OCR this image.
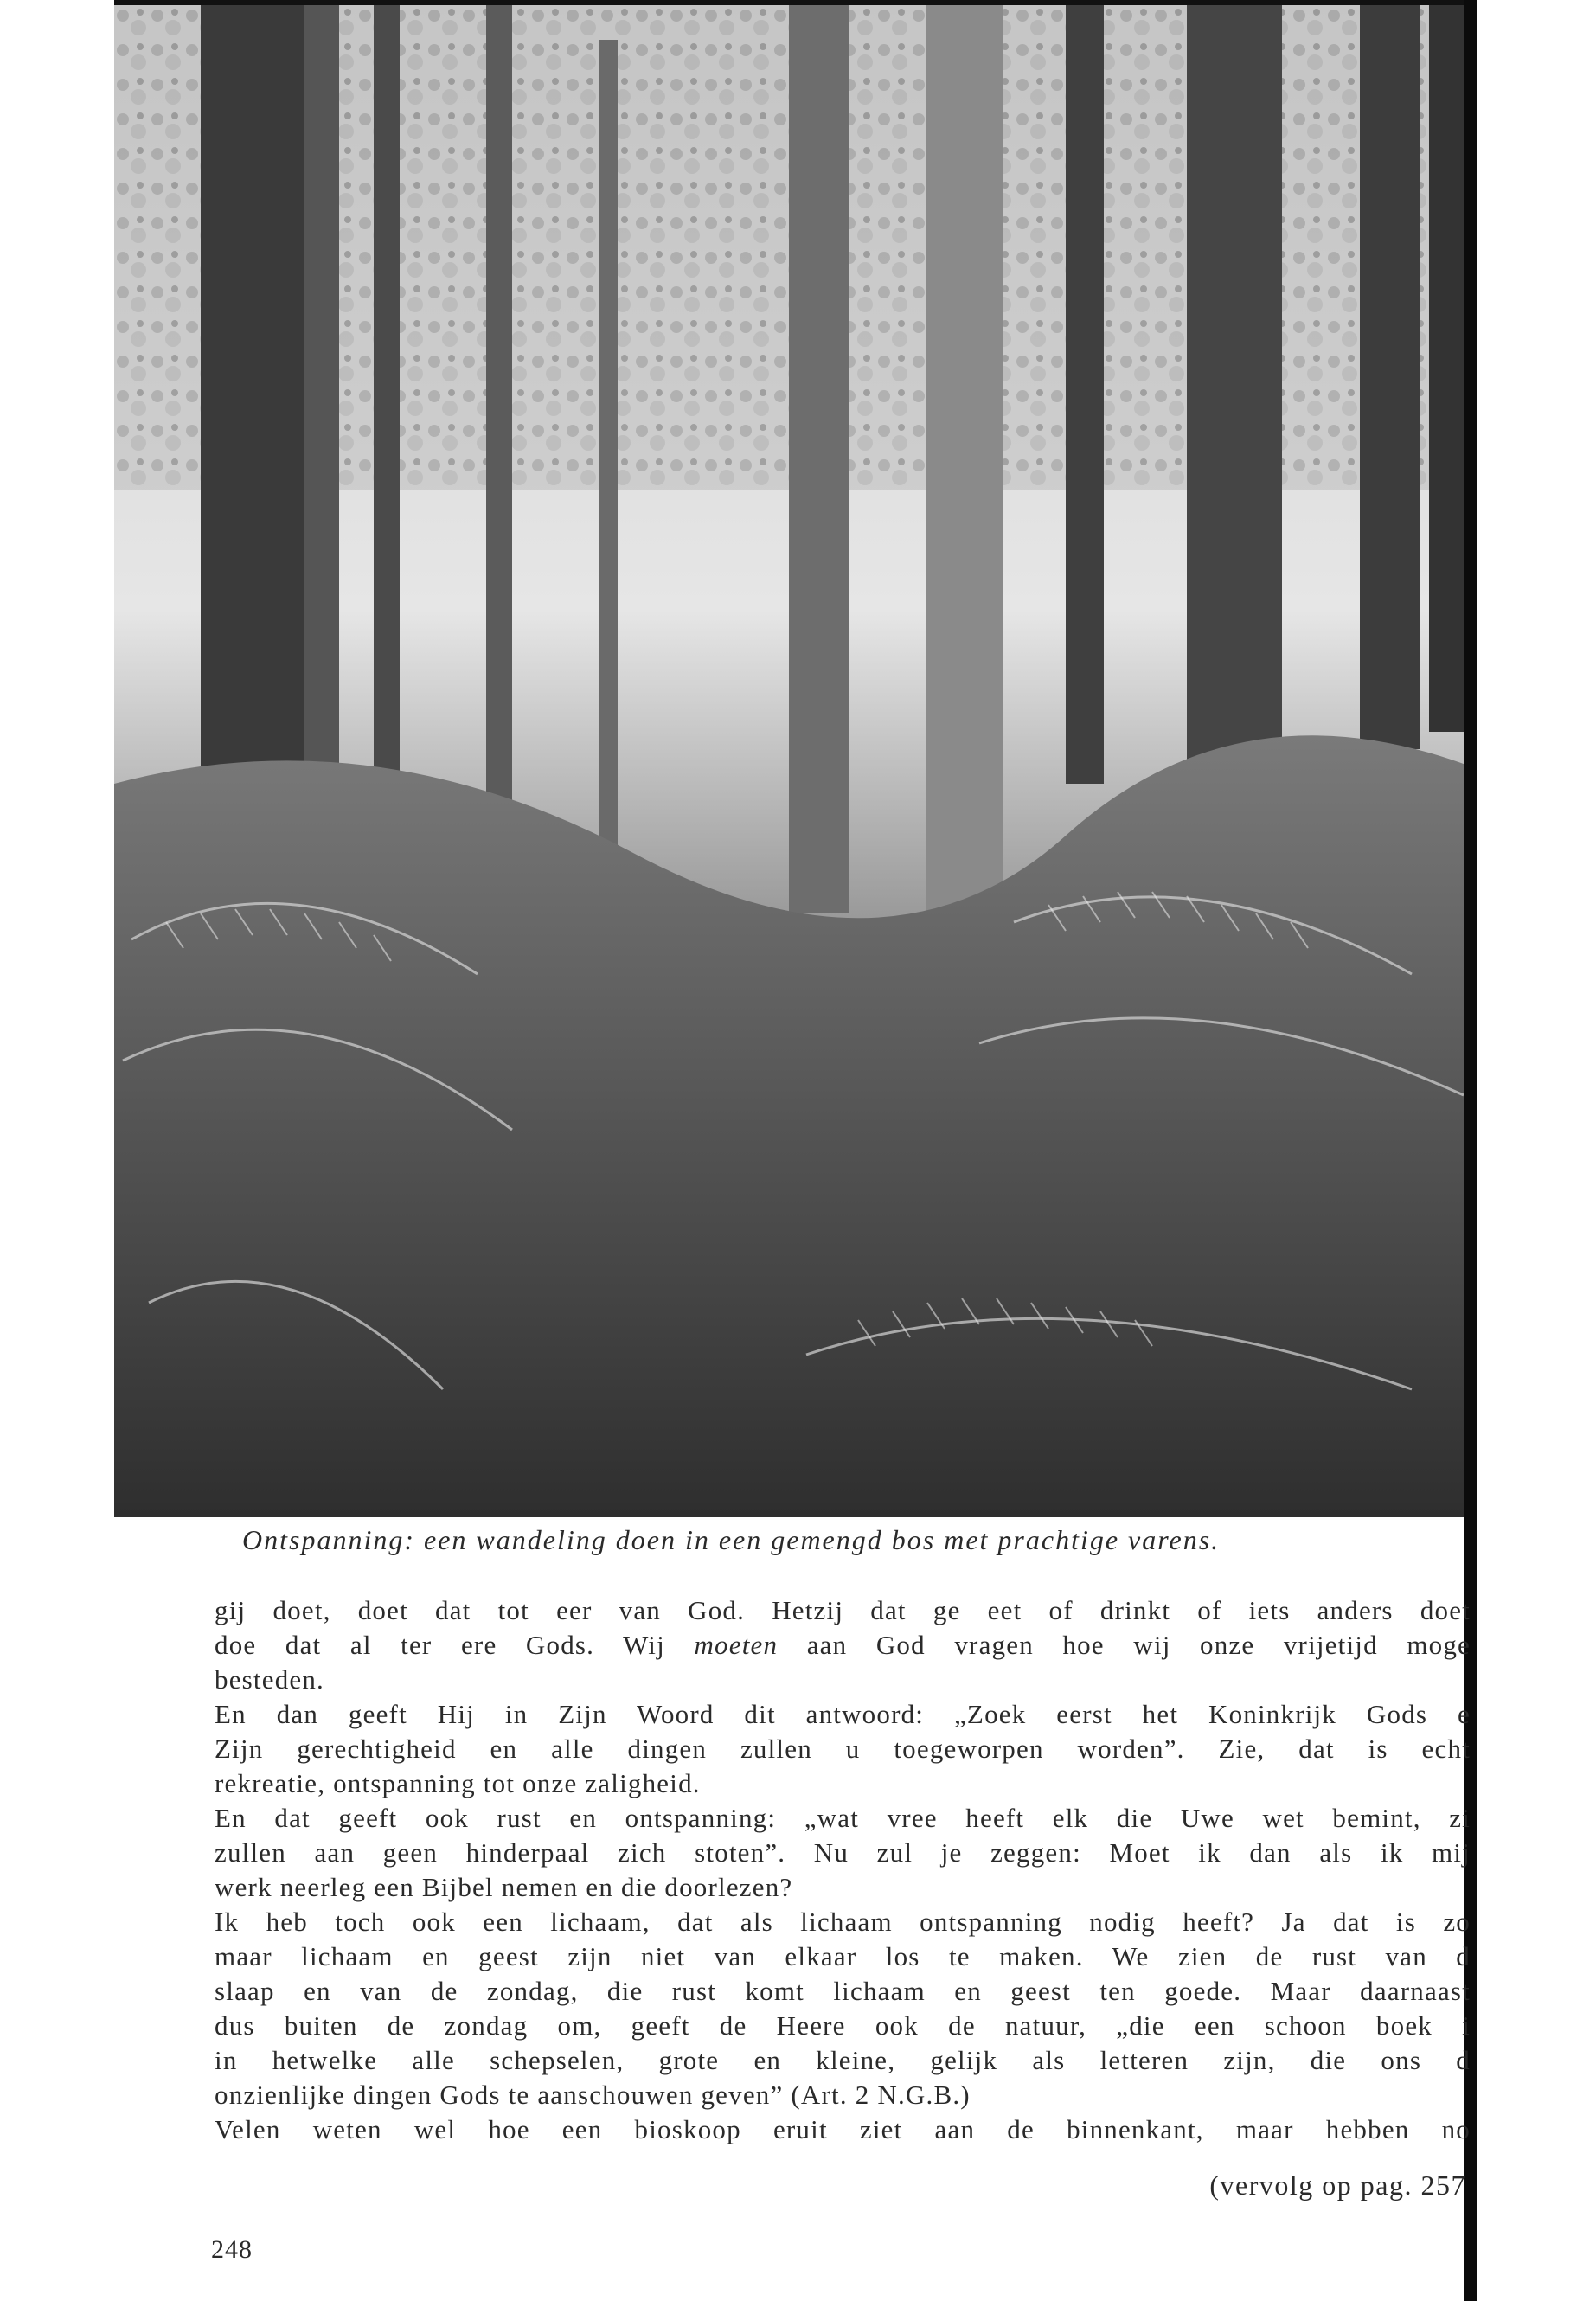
Ontspanning: een wandeling doen in een gemengd bos met prachtige varens.
gij doet, doet dat tot eer van God. Hetzij dat ge eet of drinkt of iets anders doet
doe dat al ter ere Gods. Wij moeten aan God vragen hoe wij onze vrijetijd moge
besteden.
En dan geeft Hij in Zijn Woord dit antwoord: „Zoek eerst het Koninkrijk Gods e
Zijn gerechtigheid en alle dingen zullen u toegeworpen worden”. Zie, dat is echt
rekreatie, ontspanning tot onze zaligheid.
En dat geeft ook rust en ontspanning: „wat vree heeft elk die Uwe wet bemint, zi
zullen aan geen hinderpaal zich stoten”. Nu zul je zeggen: Moet ik dan als ik mij
werk neerleg een Bijbel nemen en die doorlezen?
Ik heb toch ook een lichaam, dat als lichaam ontspanning nodig heeft? Ja dat is zo
maar lichaam en geest zijn niet van elkaar los te maken. We zien de rust van d
slaap en van de zondag, die rust komt lichaam en geest ten goede. Maar daarnaast
dus buiten de zondag om, geeft de Heere ook de natuur, „die een schoon boek i
in hetwelke alle schepselen, grote en kleine, gelijk als letteren zijn, die ons d
onzienlijke dingen Gods te aanschouwen geven” (Art. 2 N.G.B.)
Velen weten wel hoe een bioskoop eruit ziet aan de binnenkant, maar hebben no
(vervolg op pag. 257
248
